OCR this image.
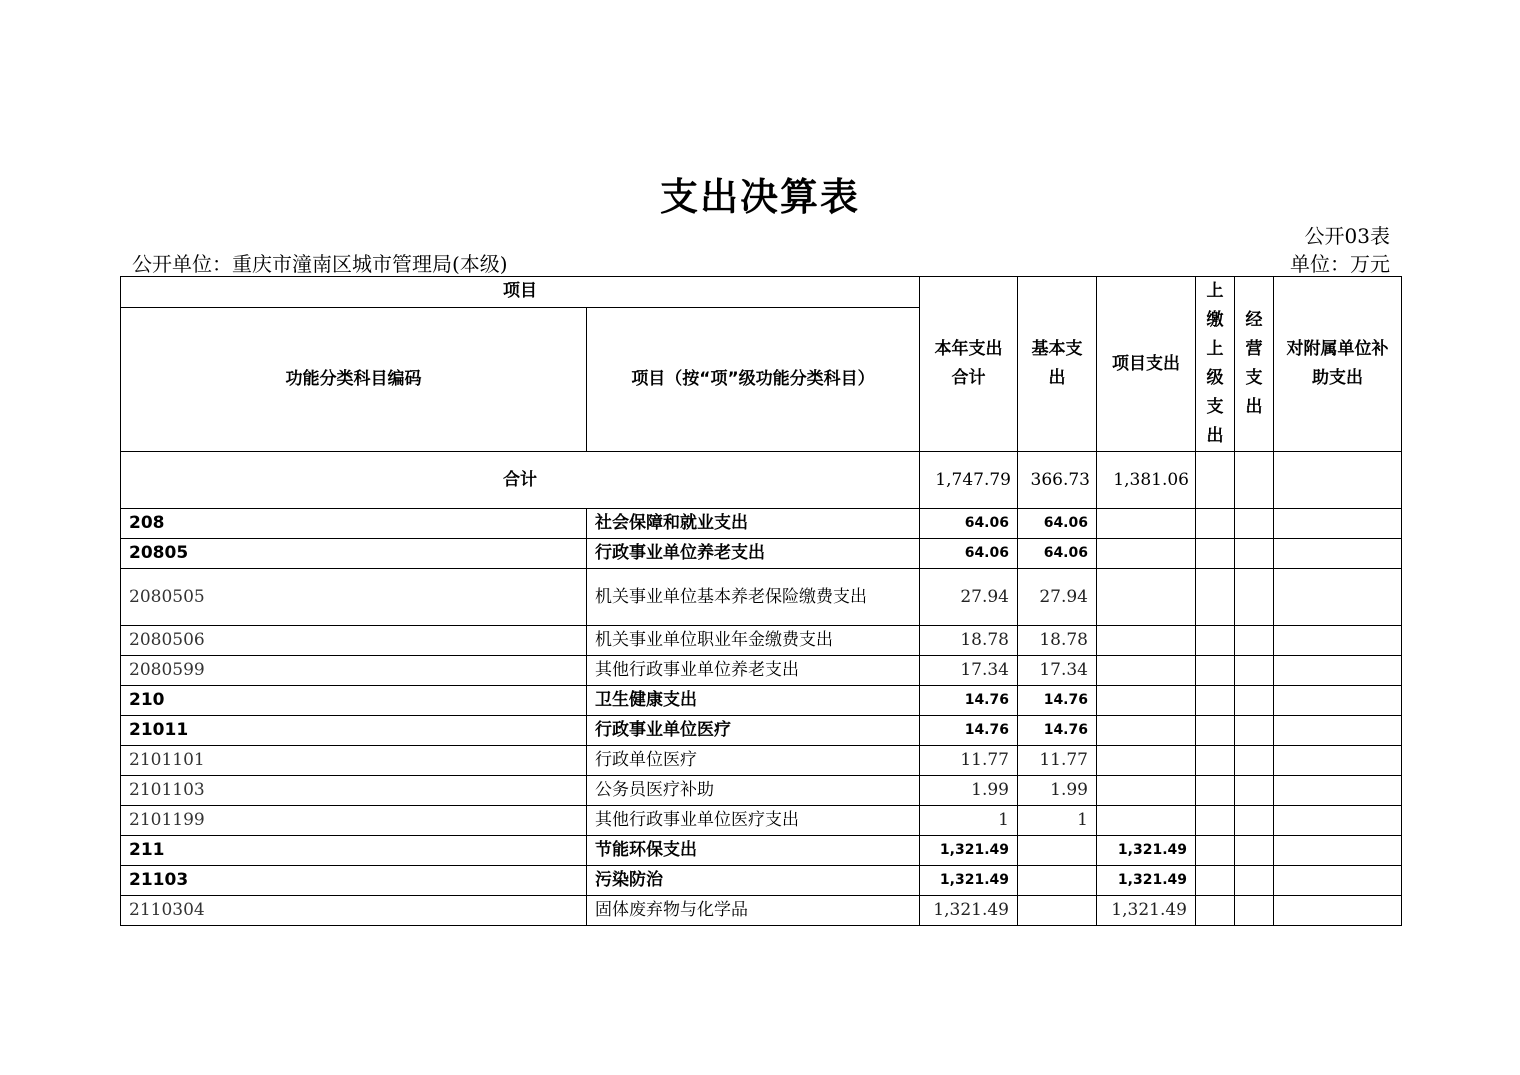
支出决算表
公开03表
公开单位：重庆市潼南区城市管理局(本级)	单位：万元
项目		本年支出合计	基本支出	项目支出	上缴上级支出	经营支出	对附属单位补助支出
功能分类科目编码	项目（按“项”级功能分类科目）						
合计		1,747.79	366.73	1,381.06			
208	社会保障和就业支出	64.06	64.06				
20805	行政事业单位养老支出	64.06	64.06				
2080505	机关事业单位基本养老保险缴费支出	27.94	27.94				
2080506	机关事业单位职业年金缴费支出	18.78	18.78				
2080599	其他行政事业单位养老支出	17.34	17.34				
210	卫生健康支出	14.76	14.76				
21011	行政事业单位医疗	14.76	14.76				
2101101	行政单位医疗	11.77	11.77				
2101103	公务员医疗补助	1.99	1.99				
2101199	其他行政事业单位医疗支出	1	1				
211	节能环保支出	1,321.49		1,321.49			
21103	污染防治	1,321.49		1,321.49			
2110304	固体废弃物与化学品	1,321.49		1,321.49			
